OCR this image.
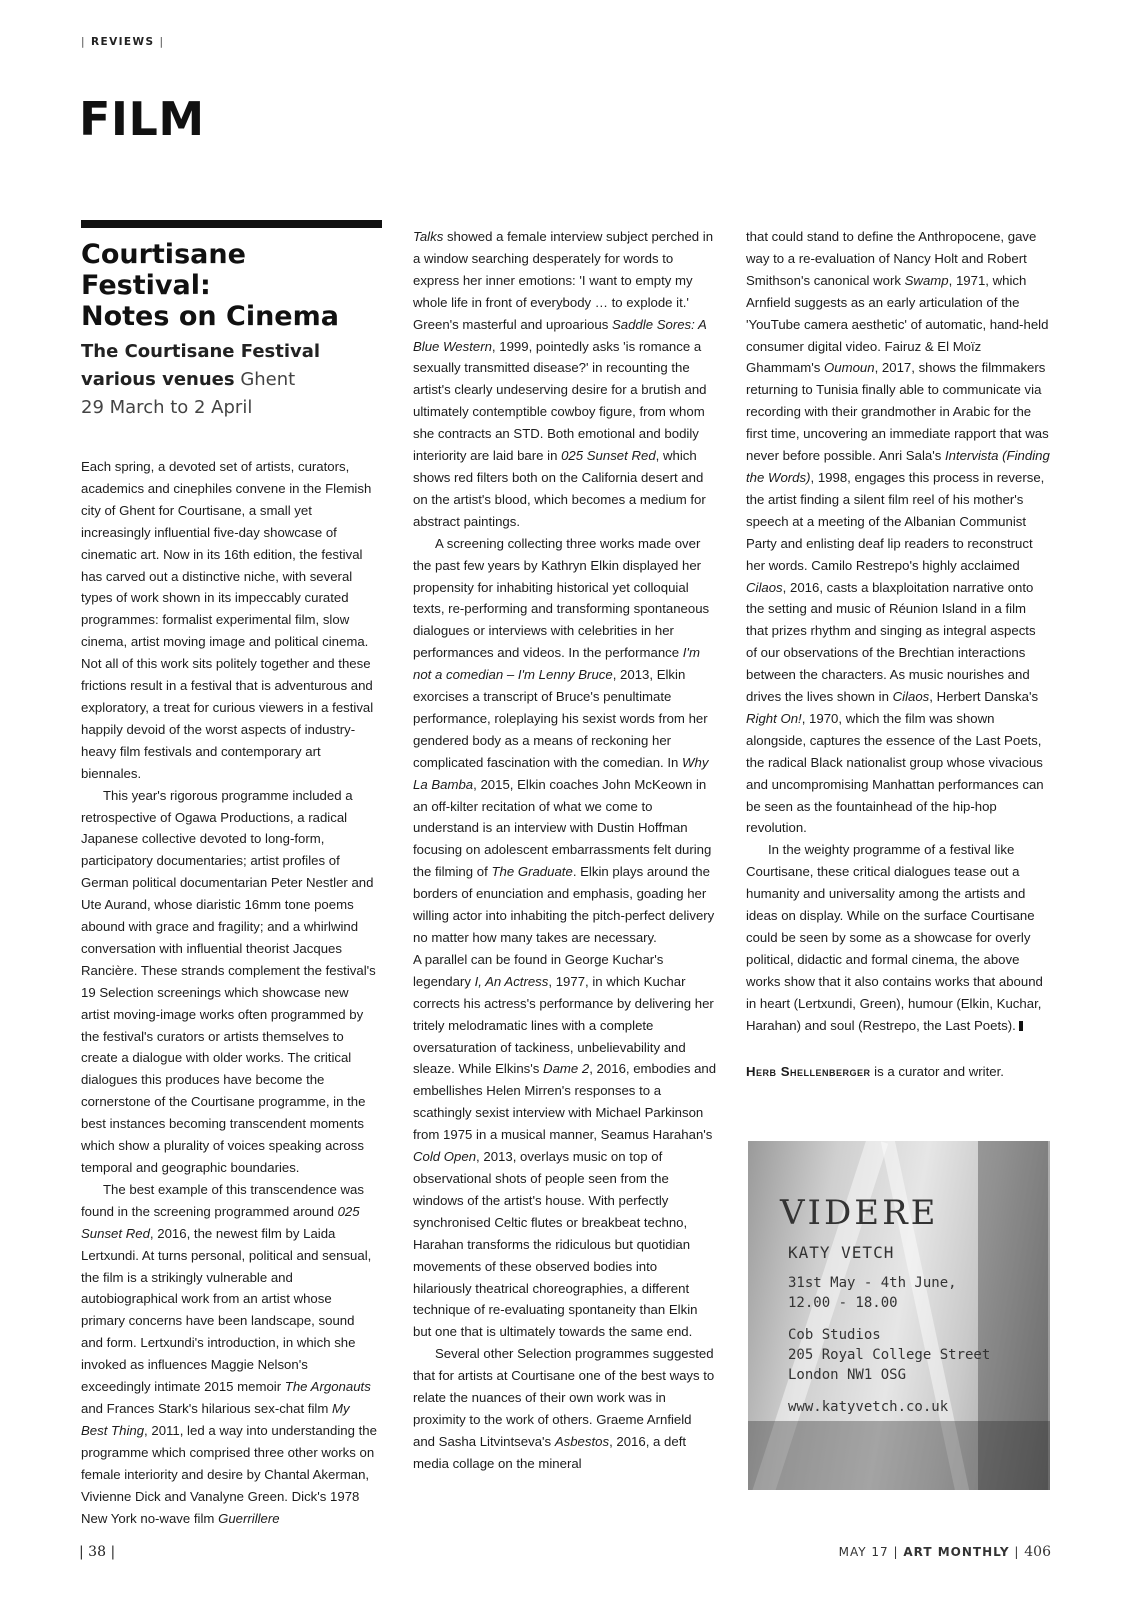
| REVIEWS |
FILM
Courtisane Festival:
Notes on Cinema
The Courtisane Festival
various venues Ghent
29 March to 2 April

Each spring, a devoted set of artists, curators, academics and cinephiles convene in the Flemish city of Ghent for Courtisane, a small yet increasingly influential five-day showcase of cinematic art. Now in its 16th edition, the festival has carved out a distinctive niche, with several types of work shown in its impeccably curated programmes: formalist experimental film, slow cinema, artist moving image and political cinema. Not all of this work sits politely together and these frictions result in a festival that is adventurous and exploratory, a treat for curious viewers in a festival happily devoid of the worst aspects of industry-heavy film festivals and contemporary art biennales.

This year's rigorous programme included a retrospective of Ogawa Productions, a radical Japanese collective devoted to long-form, participatory documentaries; artist profiles of German political documentarian Peter Nestler and Ute Aurand, whose diaristic 16mm tone poems abound with grace and fragility; and a whirlwind conversation with influential theorist Jacques Rancière. These strands complement the festival's 19 Selection screenings which showcase new artist moving-image works often programmed by the festival's curators or artists themselves to create a dialogue with older works. The critical dialogues this produces have become the cornerstone of the Courtisane programme, in the best instances becoming transcendent moments which show a plurality of voices speaking across temporal and geographic boundaries.

The best example of this transcendence was found in the screening programmed around 025 Sunset Red, 2016, the newest film by Laida Lertxundi. At turns personal, political and sensual, the film is a strikingly vulnerable and autobiographical work from an artist whose primary concerns have been landscape, sound and form. Lertxundi's introduction, in which she invoked as influences Maggie Nelson's exceedingly intimate 2015 memoir The Argonauts and Frances Stark's hilarious sex-chat film My Best Thing, 2011, led a way into understanding the programme which comprised three other works on female interiority and desire by Chantal Akerman, Vivienne Dick and Vanalyne Green. Dick's 1978 New York no-wave film Guerrillere

Talks showed a female interview subject perched in a window searching desperately for words to express her inner emotions: 'I want to empty my whole life in front of everybody … to explode it.' Green's masterful and uproarious Saddle Sores: A Blue Western, 1999, pointedly asks 'is romance a sexually transmitted disease?' in recounting the artist's clearly undeserving desire for a brutish and ultimately contemptible cowboy figure, from whom she contracts an STD. Both emotional and bodily interiority are laid bare in 025 Sunset Red, which shows red filters both on the California desert and on the artist's blood, which becomes a medium for abstract paintings.

A screening collecting three works made over the past few years by Kathryn Elkin displayed her propensity for inhabiting historical yet colloquial texts, re-performing and transforming spontaneous dialogues or interviews with celebrities in her performances and videos. In the performance I'm not a comedian – I'm Lenny Bruce, 2013, Elkin exorcises a transcript of Bruce's penultimate performance, roleplaying his sexist words from her gendered body as a means of reckoning her complicated fascination with the comedian. In Why La Bamba, 2015, Elkin coaches John McKeown in an off-kilter recitation of what we come to understand is an interview with Dustin Hoffman focusing on adolescent embarrassments felt during the filming of The Graduate. Elkin plays around the borders of enunciation and emphasis, goading her willing actor into inhabiting the pitch-perfect delivery no matter how many takes are necessary.

A parallel can be found in George Kuchar's legendary I, An Actress, 1977, in which Kuchar corrects his actress's performance by delivering her tritely melodramatic lines with a complete oversaturation of tackiness, unbelievability and sleaze. While Elkins's Dame 2, 2016, embodies and embellishes Helen Mirren's responses to a scathingly sexist interview with Michael Parkinson from 1975 in a musical manner, Seamus Harahan's Cold Open, 2013, overlays music on top of observational shots of people seen from the windows of the artist's house. With perfectly synchronised Celtic flutes or breakbeat techno, Harahan transforms the ridiculous but quotidian movements of these observed bodies into hilariously theatrical choreographies, a different technique of re-evaluating spontaneity than Elkin but one that is ultimately towards the same end.

Several other Selection programmes suggested that for artists at Courtisane one of the best ways to relate the nuances of their own work was in proximity to the work of others. Graeme Arnfield and Sasha Litvintseva's Asbestos, 2016, a deft media collage on the mineral

that could stand to define the Anthropocene, gave way to a re-evaluation of Nancy Holt and Robert Smithson's canonical work Swamp, 1971, which Arnfield suggests as an early articulation of the 'YouTube camera aesthetic' of automatic, hand-held consumer digital video. Fairuz & El Moïz Ghammam's Oumoun, 2017, shows the filmmakers returning to Tunisia finally able to communicate via recording with their grandmother in Arabic for the first time, uncovering an immediate rapport that was never before possible. Anri Sala's Intervista (Finding the Words), 1998, engages this process in reverse, the artist finding a silent film reel of his mother's speech at a meeting of the Albanian Communist Party and enlisting deaf lip readers to reconstruct her words. Camilo Restrepo's highly acclaimed Cilaos, 2016, casts a blaxploitation narrative onto the setting and music of Réunion Island in a film that prizes rhythm and singing as integral aspects of our observations of the Brechtian interactions between the characters. As music nourishes and drives the lives shown in Cilaos, Herbert Danska's Right On!, 1970, which the film was shown alongside, captures the essence of the Last Poets, the radical Black nationalist group whose vivacious and uncompromising Manhattan performances can be seen as the fountainhead of the hip-hop revolution.

In the weighty programme of a festival like Courtisane, these critical dialogues tease out a humanity and universality among the artists and ideas on display. While on the surface Courtisane could be seen by some as a showcase for overly political, didactic and formal cinema, the above works show that it also contains works that abound in heart (Lertxundi, Green), humour (Elkin, Kuchar, Harahan) and soul (Restrepo, the Last Poets).

Herb Shellenberger is a curator and writer.

VIDERE
KATY VETCH
31st May - 4th June,
12.00 - 18.00
Cob Studios
205 Royal College Street
London NW1 OSG
www.katyvetch.co.uk
| 38 |	MAY 17 | ART MONTHLY | 406
